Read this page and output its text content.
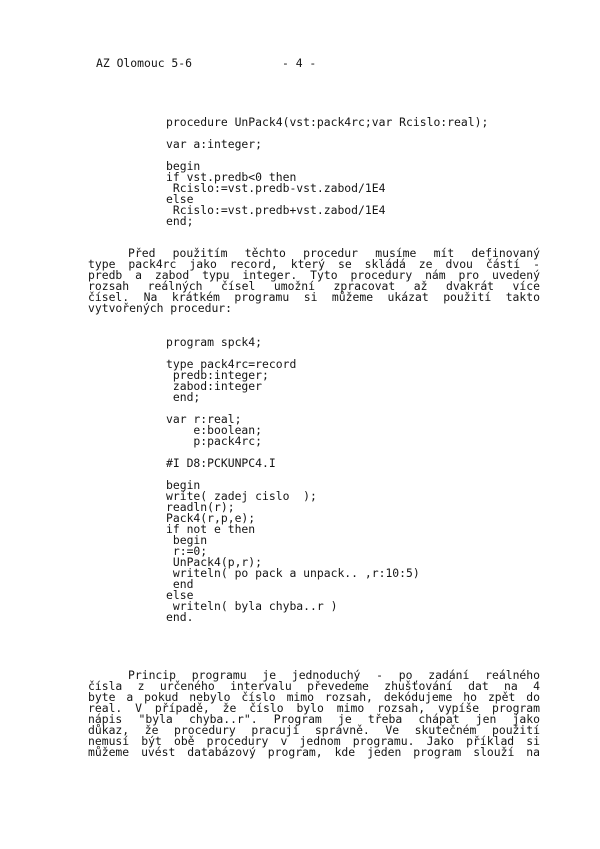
AZ Olomouc 5-6	- 4 -
procedure UnPack4(vst:pack4rc;var Rcislo:real);
var a:integer;
begin
if vst.predb<0 then
Rcislo:=vst.predb-vst.zabod/1E4
else
Rcislo:=vst.predb+vst.zabod/1E4
end;
Před použitím těchto procedur musíme mít definovaný
type pack4rc jako record, který se skládá ze dvou částí -
predb a zabod typu integer. Tyto procedury nám pro uvedený
rozsah reálných čísel umožní zpracovat až dvakrát více
čísel. Na krátkém programu si můžeme ukázat použití takto
vytvořených procedur:
program spck4;
type pack4rc=record
predb:integer;
zabod:integer
end;
var r:real;
e:boolean;
p:pack4rc;
#I D8:PCKUNPC4.I
begin
write( zadej cislo  );
readln(r);
Pack4(r,p,e);
if not e then
begin
r:=0;
UnPack4(p,r);
writeln( po pack a unpack.. ,r:10:5)
end
else
writeln( byla chyba..r )
end.
Princip programu je jednoduchý - po zadání reálného
čísla z určeného intervalu převedeme zhušťování dat na 4
byte a pokud nebylo číslo mimo rozsah, dekódujeme ho zpět do
real. V případě, že číslo bylo mimo rozsah, vypíše program
nápis "byla chyba..r". Program je třeba chápat jen jako
důkaz, že procedury pracují správně. Ve skutečném použití
nemusí být obě procedury v jednom programu. Jako příklad si
můžeme uvést databázový program, kde jeden program slouží na
